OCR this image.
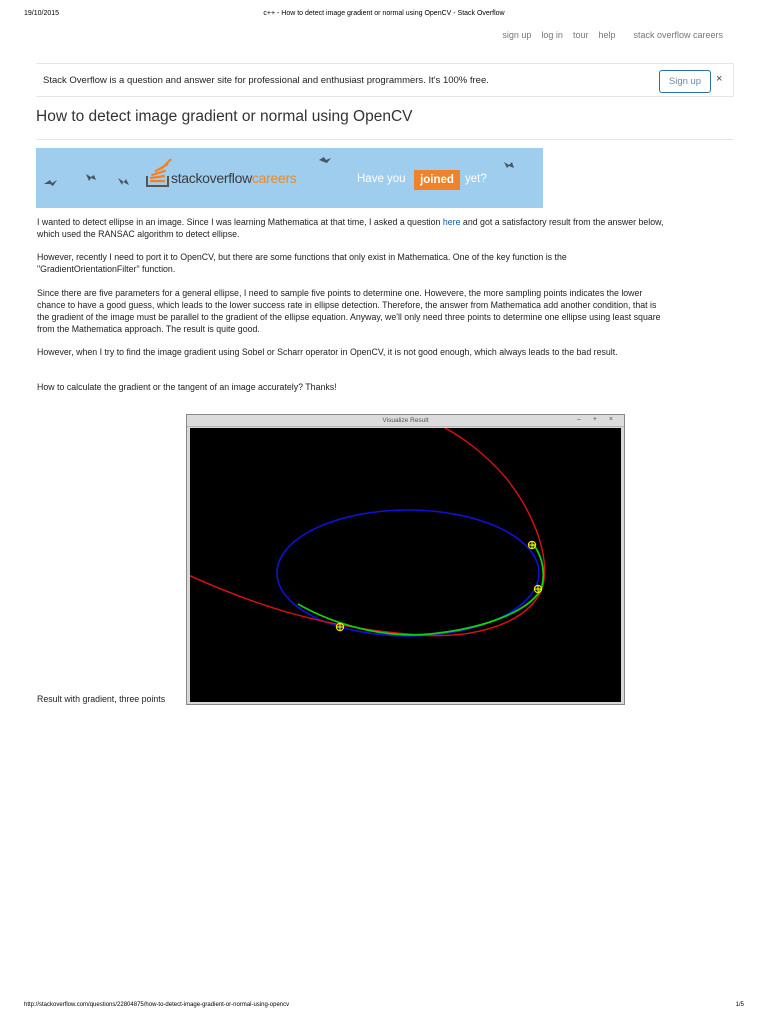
19/10/2015	c++ - How to detect image gradient or normal using OpenCV - Stack Overflow
sign up log in tour help stack overflow careers
Stack Overflow is a question and answer site for professional and enthusiast programmers. It's 100% free.	Sign up	×
How to detect image gradient or normal using OpenCV
stackoverflowcareers	Have you	joined yet?

I wanted to detect ellipse in an image. Since I was learning Mathematica at that time, I asked a question here and got a satisfactory result from the answer below, which used the RANSAC algorithm to detect ellipse.

However, recently I need to port it to OpenCV, but there are some functions that only exist in Mathematica. One of the key function is the "GradientOrientationFilter" function.

Since there are five parameters for a general ellipse, I need to sample five points to determine one. Howevere, the more sampling points indicates the lower chance to have a good guess, which leads to the lower success rate in ellipse detection. Therefore, the answer from Mathematica add another condition, that is the gradient of the image must be parallel to the gradient of the ellipse equation. Anyway, we'll only need three points to determine one ellipse using least square from the Mathematica approach. The result is quite good.

However, when I try to find the image gradient using Sobel or Scharr operator in OpenCV, it is not good enough, which always leads to the bad result.

How to calculate the gradient or the tangent of an image accurately? Thanks!

Result with gradient, three points
Visualize Result	– + ×
http://stackoverflow.com/questions/22804875/how-to-detect-image-gradient-or-normal-using-opencv	1/5
